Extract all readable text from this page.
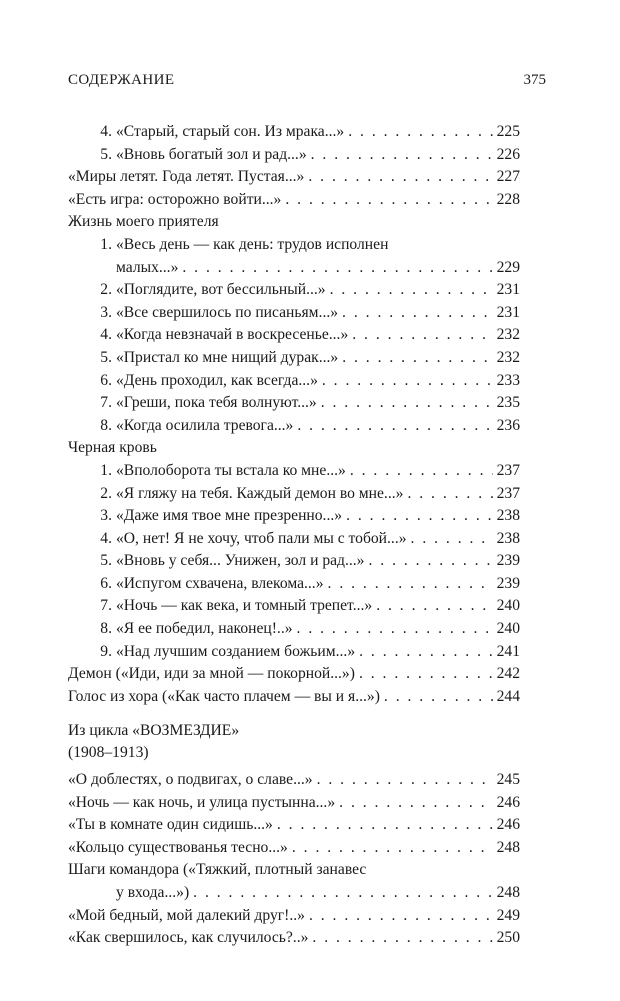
СОДЕРЖАНИЕ	375
4. «Старый, старый сон. Из мрака...» . . .	225
5. «Вновь богатый зол и рад...» . . .	226
«Миры летят. Года летят. Пустая...» . . .	227
«Есть игра: осторожно войти...» . . .	228
Жизнь моего приятеля
1. «Весь день — как день: трудов исполнен
малых...» . . .	229
2. «Поглядите, вот бессильный...» . . .	231
3. «Все свершилось по писаньям...» . . .	231
4. «Когда невзначай в воскресенье...» . . .	232
5. «Пристал ко мне нищий дурак...» . . .	232
6. «День проходил, как всегда...» . . .	233
7. «Греши, пока тебя волнуют...» . . .	235
8. «Когда осилила тревога...» . . .	236
Черная кровь
1. «Вполоборота ты встала ко мне...» . . .	237
2. «Я гляжу на тебя. Каждый демон во мне...» . . .	237
3. «Даже имя твое мне презренно...» . . .	238
4. «О, нет! Я не хочу, чтоб пали мы с тобой...» . . .	238
5. «Вновь у себя... Унижен, зол и рад...» . . .	239
6. «Испугом схвачена, влекома...» . . .	239
7. «Ночь — как века, и томный трепет...» . . .	240
8. «Я ее победил, наконец!..» . . .	240
9. «Над лучшим созданием божьим...» . . .	241
Демон («Иди, иди за мной — покорной...») . . .	242
Голос из хора («Как часто плачем — вы и я...») . . .	244
Из цикла «ВОЗМЕЗДИЕ»
(1908–1913)
«О доблестях, о подвигах, о славе...» . . .	245
«Ночь — как ночь, и улица пустынна...» . . .	246
«Ты в комнате один сидишь...» . . .	246
«Кольцо существованья тесно...» . . .	248
Шаги командора («Тяжкий, плотный занавес
у входа...») . . .	248
«Мой бедный, мой далекий друг!..» . . .	249
«Как свершилось, как случилось?..» . . .	250
